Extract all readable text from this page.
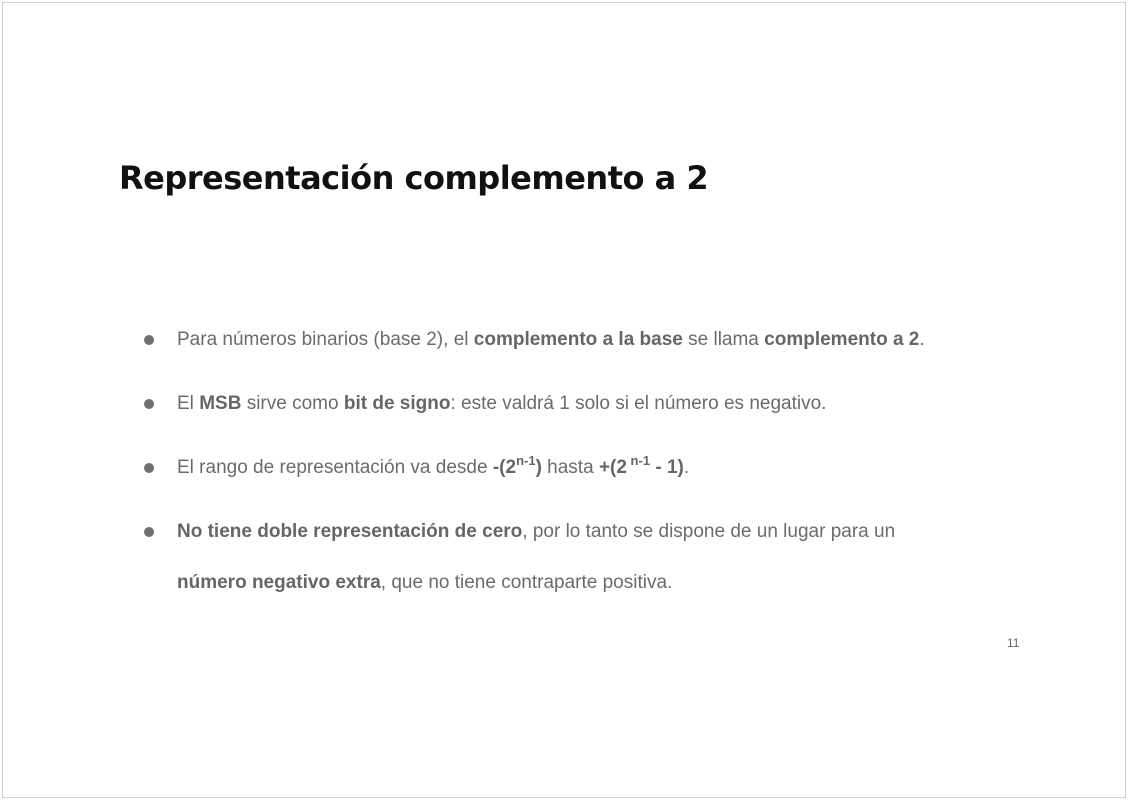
Representación complemento a 2
Para números binarios (base 2), el complemento a la base se llama complemento a 2.
El MSB sirve como bit de signo: este valdrá 1 solo si el número es negativo.
El rango de representación va desde -(2$^{n-1}$) hasta +(2 $^{n-1}$ - 1).
No tiene doble representación de cero, por lo tanto se dispone de un lugar para un
número negativo extra, que no tiene contraparte positiva.
11
